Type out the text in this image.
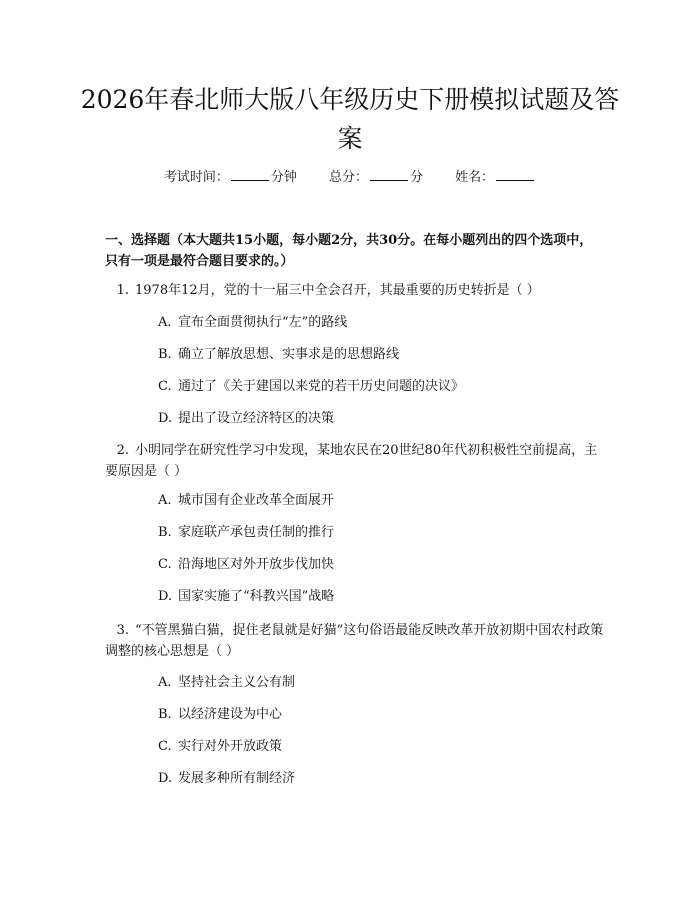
2026年春北师大版八年级历史下册模拟试题及答案
考试时间：	分钟 总分：	分 姓名：

一、选择题（本大题共15小题，每小题2分，共30分。在每小题列出的四个选项中，只有一项是最符合题目要求的。）

1. 1978年12月，党的十一届三中全会召开，其最重要的历史转折是（ ）

A. 宣布全面贯彻执行“左”的路线
B. 确立了解放思想、实事求是的思想路线
C. 通过了《关于建国以来党的若干历史问题的决议》
D. 提出了设立经济特区的决策

2. 小明同学在研究性学习中发现，某地农民在20世纪80年代初积极性空前提高，主要原因是（ ）

A. 城市国有企业改革全面展开
B. 家庭联产承包责任制的推行
C. 沿海地区对外开放步伐加快
D. 国家实施了“科教兴国”战略

3. “不管黑猫白猫，捉住老鼠就是好猫”这句俗语最能反映改革开放初期中国农村政策调整的核心思想是（ ）

A. 坚持社会主义公有制
B. 以经济建设为中心
C. 实行对外开放政策
D. 发展多种所有制经济
